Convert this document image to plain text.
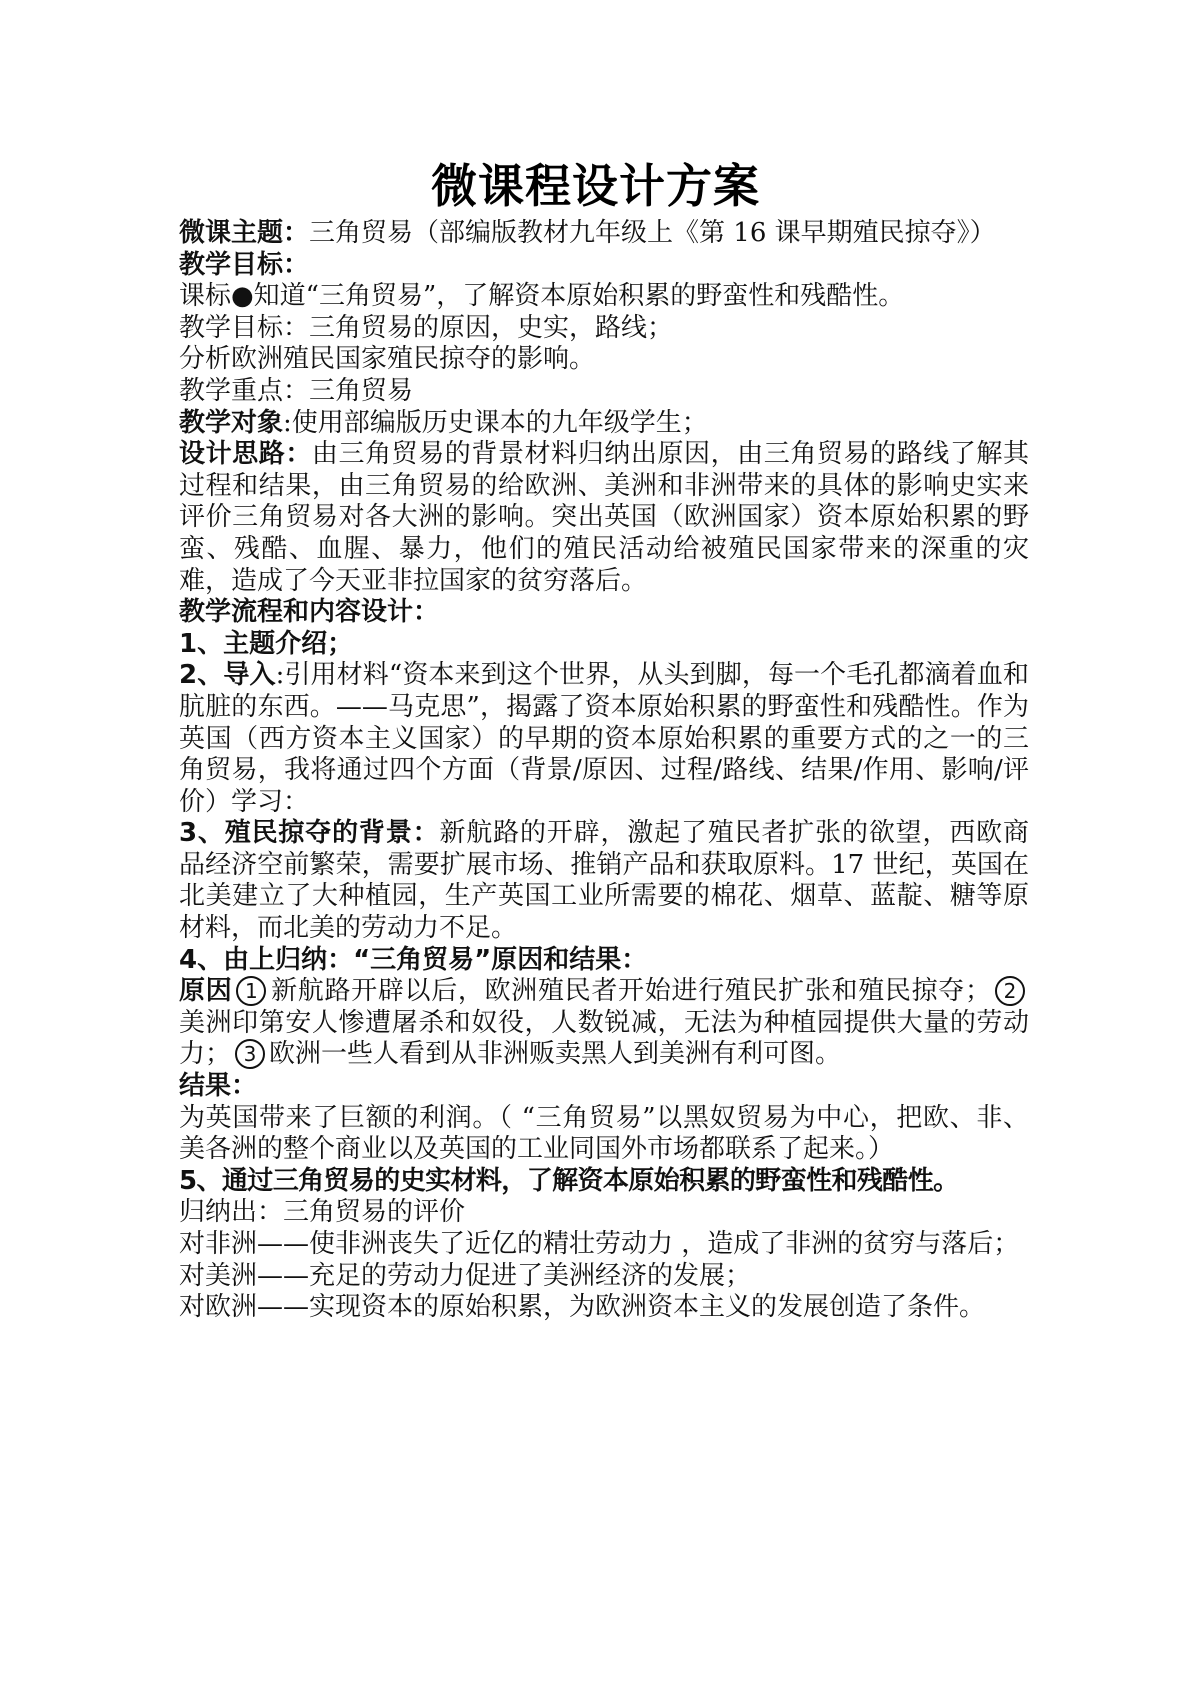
微课程设计方案

微课主题：三角贸易（部编版教材九年级上《第 16 课早期殖民掠夺》）

教学目标：

课标●知道“三角贸易”，了解资本原始积累的野蛮性和残酷性。

教学目标：三角贸易的原因，史实，路线；

分析欧洲殖民国家殖民掠夺的影响。

教学重点：三角贸易

教学对象:使用部编版历史课本的九年级学生；

设计思路：由三角贸易的背景材料归纳出原因，由三角贸易的路线了解其过程和结果，由三角贸易的给欧洲、美洲和非洲带来的具体的影响史实来评价三角贸易对各大洲的影响。突出英国（欧洲国家）资本原始积累的野蛮、残酷、血腥、暴力，他们的殖民活动给被殖民国家带来的深重的灾难，造成了今天亚非拉国家的贫穷落后。

教学流程和内容设计：

1、主题介绍；

2、导入:引用材料“资本来到这个世界，从头到脚，每一个毛孔都滴着血和肮脏的东西。——马克思”，揭露了资本原始积累的野蛮性和残酷性。作为英国（西方资本主义国家）的早期的资本原始积累的重要方式的之一的三角贸易，我将通过四个方面（背景/原因、过程/路线、结果/作用、影响/评价）学习：

3、殖民掠夺的背景：新航路的开辟，激起了殖民者扩张的欲望，西欧商品经济空前繁荣，需要扩展市场、推销产品和获取原料。17 世纪，英国在北美建立了大种植园，生产英国工业所需要的棉花、烟草、蓝靛、糖等原材料，而北美的劳动力不足。

4、由上归纳：“三角贸易”原因和结果：

原因 1 新航路开辟以后，欧洲殖民者开始进行殖民扩张和殖民掠夺； 2美洲印第安人惨遭屠杀和奴役，人数锐减，无法为种植园提供大量的劳动力； 3 欧洲一些人看到从非洲贩卖黑人到美洲有利可图。

结果：

为英国带来了巨额的利润。（ “三角贸易”以黑奴贸易为中心，把欧、非、美各洲的整个商业以及英国的工业同国外市场都联系了起来。）

5、通过三角贸易的史实材料，了解资本原始积累的野蛮性和残酷性。

归纳出：三角贸易的评价

对非洲——使非洲丧失了近亿的精壮劳动力 ，造成了非洲的贫穷与落后；

对美洲——充足的劳动力促进了美洲经济的发展；

对欧洲——实现资本的原始积累，为欧洲资本主义的发展创造了条件。
